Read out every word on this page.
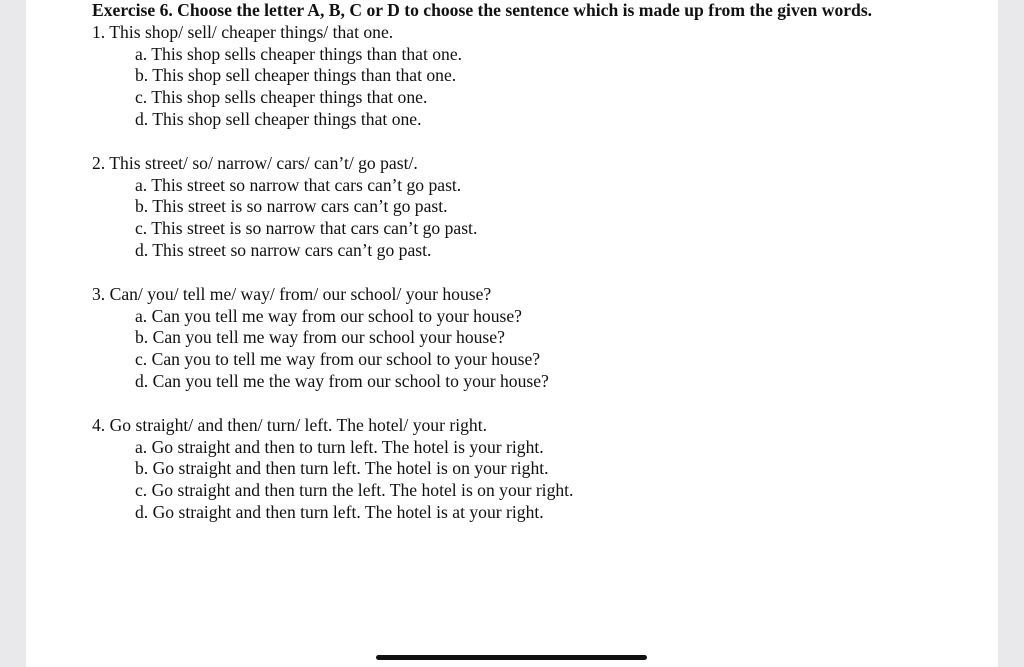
Exercise 6. Choose the letter A, B, C or D to choose the sentence which is made up from the given words.

1. This shop/ sell/ cheaper things/ that one.

a. This shop sells cheaper things than that one.

b. This shop sell cheaper things than that one.

c. This shop sells cheaper things that one.

d. This shop sell cheaper things that one.

2. This street/ so/ narrow/ cars/ can’t/ go past/.

a. This street so narrow that cars can’t go past.

b. This street is so narrow cars can’t go past.

c. This street is so narrow that cars can’t go past.

d. This street so narrow cars can’t go past.

3. Can/ you/ tell me/ way/ from/ our school/ your house?

a. Can you tell me way from our school to your house?

b. Can you tell me way from our school your house?

c. Can you to tell me way from our school to your house?

d. Can you tell me the way from our school to your house?

4. Go straight/ and then/ turn/ left. The hotel/ your right.

a. Go straight and then to turn left. The hotel is your right.

b. Go straight and then turn left. The hotel is on your right.

c. Go straight and then turn the left. The hotel is on your right.

d. Go straight and then turn left. The hotel is at your right.
